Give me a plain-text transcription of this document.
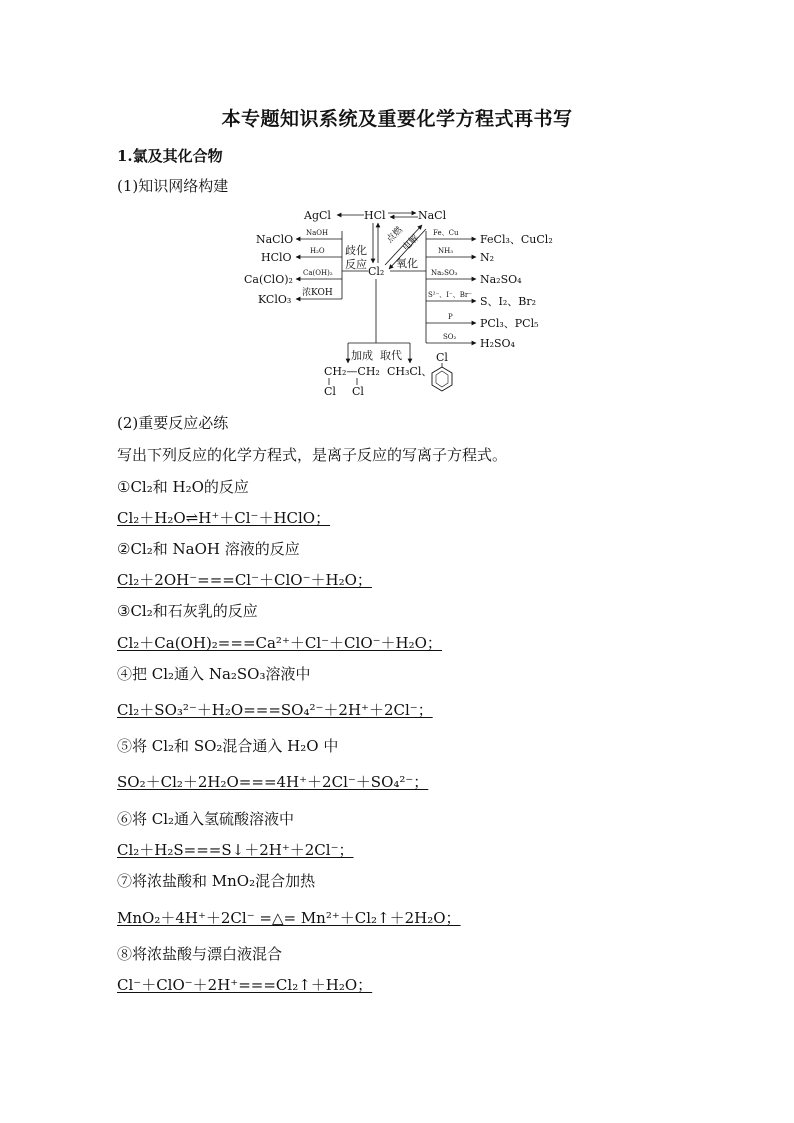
本专题知识系统及重要化学方程式再书写
1.氯及其化合物
(1)知识网络构建
AgCl	HCl	NaCl
点燃
电解
Cl₂
歧化
反应
NaOH
NaClO
H₂O
HClO
Ca(OH)₂
Ca(ClO)₂
浓KOH
KClO₃
氧化
Fe、Cu FeCl₃、CuCl₂
NH₃ N₂
Na₂SO₃ Na₂SO₄
S²⁻、I⁻、Br⁻ S、I₂、Br₂
P PCl₃、PCl₅
SO₂ H₂SO₄
加成 取代
CH₂—CH₂
Cl Cl
CH₃Cl、
Cl
(2)重要反应必练
写出下列反应的化学方程式，是离子反应的写离子方程式。
①Cl₂和 H₂O的反应
Cl₂＋H₂O⇌H⁺＋Cl⁻＋HClO；
②Cl₂和 NaOH 溶液的反应
Cl₂＋2OH⁻===Cl⁻＋ClO⁻＋H₂O；
③Cl₂和石灰乳的反应
Cl₂＋Ca(OH)₂===Ca²⁺＋Cl⁻＋ClO⁻＋H₂O；
④把 Cl₂通入 Na₂SO₃溶液中
Cl₂＋SO₃²⁻＋H₂O===SO₄²⁻＋2H⁺＋2Cl⁻；
⑤将 Cl₂和 SO₂混合通入 H₂O 中
SO₂＋Cl₂＋2H₂O===4H⁺＋2Cl⁻＋SO₄²⁻；
⑥将 Cl₂通入氢硫酸溶液中
Cl₂＋H₂S===S↓＋2H⁺＋2Cl⁻；
⑦将浓盐酸和 MnO₂混合加热
MnO₂＋4H⁺＋2Cl⁻ =△= Mn²⁺＋Cl₂↑＋2H₂O；
⑧将浓盐酸与漂白液混合
Cl⁻＋ClO⁻＋2H⁺===Cl₂↑＋H₂O；
